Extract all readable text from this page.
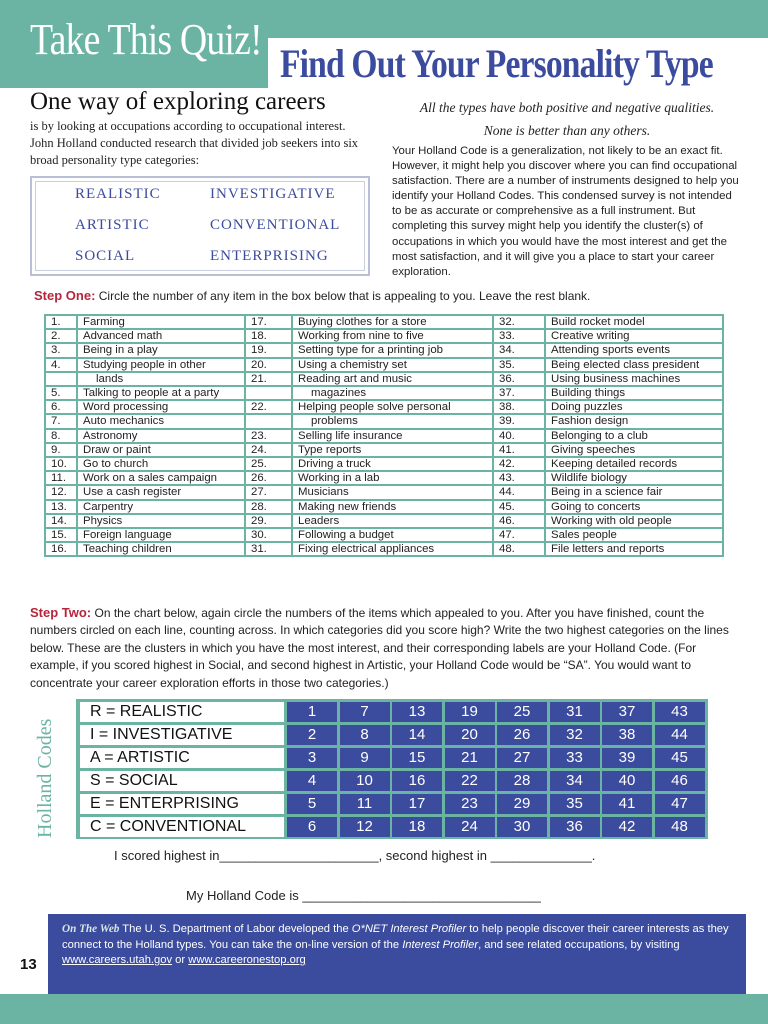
Take This Quiz! Find Out Your Personality Type
One way of exploring careers
is by looking at occupations according to occupational interest. John Holland conducted research that divided job seekers into six broad personality type categories:
REALISTIC	INVESTIGATIVE
ARTISTIC	CONVENTIONAL
SOCIAL	ENTERPRISING
All the types have both positive and negative qualities.
None is better than any others.
Your Holland Code is a generalization, not likely to be an exact fit. However, it might help you discover where you can find occupational satisfaction. There are a number of instruments designed to help you identify your Holland Codes. This condensed survey is not intended to be as accurate or comprehensive as a full instrument. But completing this survey might help you identify the cluster(s) of occupations in which you would have the most interest and get the most satisfaction, and it will give you a place to start your career exploration.
Step One: Circle the number of any item in the box below that is appealing to you. Leave the rest blank.
1.	Farming	17.	Buying clothes for a store	32.	Build rocket model
2.	Advanced math	18.	Working from nine to five	33.	Creative writing
3.	Being in a play	19.	Setting type for a printing job	34.	Attending sports events
4.	Studying people in other	20.	Using a chemistry set	35.	Being elected class president
	lands	21.	Reading art and music	36.	Using business machines
5.	Talking to people at a party		magazines	37.	Building things
6.	Word processing	22.	Helping people solve personal	38.	Doing puzzles
7.	Auto mechanics		problems	39.	Fashion design
8.	Astronomy	23.	Selling life insurance	40.	Belonging to a club
9.	Draw or paint	24.	Type reports	41.	Giving speeches
10.	Go to church	25.	Driving a truck	42.	Keeping detailed records
11.	Work on a sales campaign	26.	Working in a lab	43.	Wildlife biology
12.	Use a cash register	27.	Musicians	44.	Being in a science fair
13.	Carpentry	28.	Making new friends	45.	Going to concerts
14.	Physics	29.	Leaders	46.	Working with old people
15.	Foreign language	30.	Following a budget	47.	Sales people
16.	Teaching children	31.	Fixing electrical appliances	48.	File letters and reports
Step Two: On the chart below, again circle the numbers of the items which appealed to you. After you have finished, count the numbers circled on each line, counting across. In which categories did you score high? Write the two highest categories on the lines below. These are the clusters in which you have the most interest, and their corresponding labels are your Holland Code. (For example, if you scored highest in Social, and second highest in Artistic, your Holland Code would be “SA”. You would want to concentrate your career exploration efforts in those two categories.)
Holland Codes
R = REALISTIC	1	7	13	19	25	31	37	43
I = INVESTIGATIVE	2	8	14	20	26	32	38	44
A = ARTISTIC	3	9	15	21	27	33	39	45
S = SOCIAL	4	10	16	22	28	34	40	46
E = ENTERPRISING	5	11	17	23	29	35	41	47
C = CONVENTIONAL	6	12	18	24	30	36	42	48
I scored highest in______________________, second highest in ______________.
My Holland Code is _________________________________
13
On The Web The U. S. Department of Labor developed the O*NET Interest Profiler to help people discover their career interests as they connect to the Holland types. You can take the on-line version of the Interest Profiler, and see related occupations, by visiting www.careers.utah.gov or www.careeronestop.org
